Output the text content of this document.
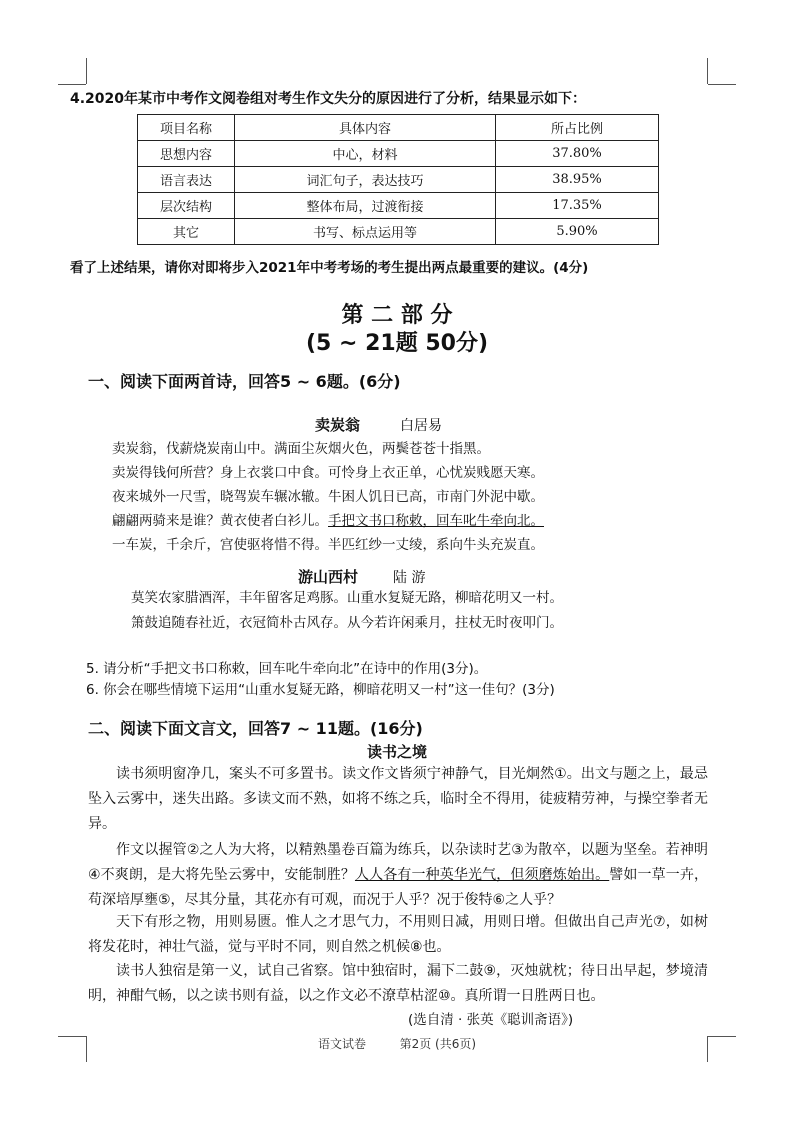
4.2020年某市中考作文阅卷组对考生作文失分的原因进行了分析，结果显示如下：
项目名称	具体内容	所占比例
思想内容	中心，材料	37.80%
语言表达	词汇句子，表达技巧	38.95%
层次结构	整体布局，过渡衔接	17.35%
其它	书写、标点运用等	5.90%
看了上述结果，请你对即将步入2021年中考考场的考生提出两点最重要的建议。(4分)
第 二 部 分
(5 ~ 21题 50分)
一、阅读下面两首诗，回答5 ~ 6题。(6分)
卖炭翁	白居易
卖炭翁，伐薪烧炭南山中。满面尘灰烟火色，两鬓苍苍十指黑。
卖炭得钱何所营？身上衣裳口中食。可怜身上衣正单，心忧炭贱愿天寒。
夜来城外一尺雪，晓驾炭车辗冰辙。牛困人饥日已高，市南门外泥中歇。
翩翩两骑来是谁？黄衣使者白衫儿。手把文书口称敕，回车叱牛牵向北。
一车炭，千余斤，宫使驱将惜不得。半匹红纱一丈绫，系向牛头充炭直。
游山西村 陆 游
莫笑农家腊酒浑，丰年留客足鸡豚。山重水复疑无路，柳暗花明又一村。
箫鼓追随春社近，衣冠简朴古风存。从今若许闲乘月，拄杖无时夜叩门。
5. 请分析“手把文书口称敕，回车叱牛牵向北”在诗中的作用(3分)。
6. 你会在哪些情境下运用“山重水复疑无路，柳暗花明又一村”这一佳句？(3分)
二、阅读下面文言文，回答7 ~ 11题。(16分)
读书之境
读书须明窗净几，案头不可多置书。读文作文皆须宁神静气，目光炯然①。出文与题之上，最忌坠入云雾中，迷失出路。多读文而不熟，如将不练之兵，临时全不得用，徒疲精劳神，与操空拳者无异。
作文以握管②之人为大将，以精熟墨卷百篇为练兵，以杂读时艺③为散卒，以题为坚垒。若神明④不爽朗，是大将先坠云雾中，安能制胜？人人各有一种英华光气，但须磨炼始出。譬如一草一卉，苟深培厚壅⑤，尽其分量，其花亦有可观，而况于人乎？况于俊特⑥之人乎？
天下有形之物，用则易匮。惟人之才思气力，不用则日减，用则日增。但做出自己声光⑦，如树将发花时，神壮气溢，觉与平时不同，则自然之机候⑧也。
读书人独宿是第一义，试自己省察。馆中独宿时，漏下二鼓⑨，灭烛就枕；待日出早起，梦境清明，神酣气畅，以之读书则有益，以之作文必不潦草枯涩⑩。真所谓一日胜两日也。
(选自清 · 张英《聪训斋语》)
语文试卷	第2页 (共6页)
